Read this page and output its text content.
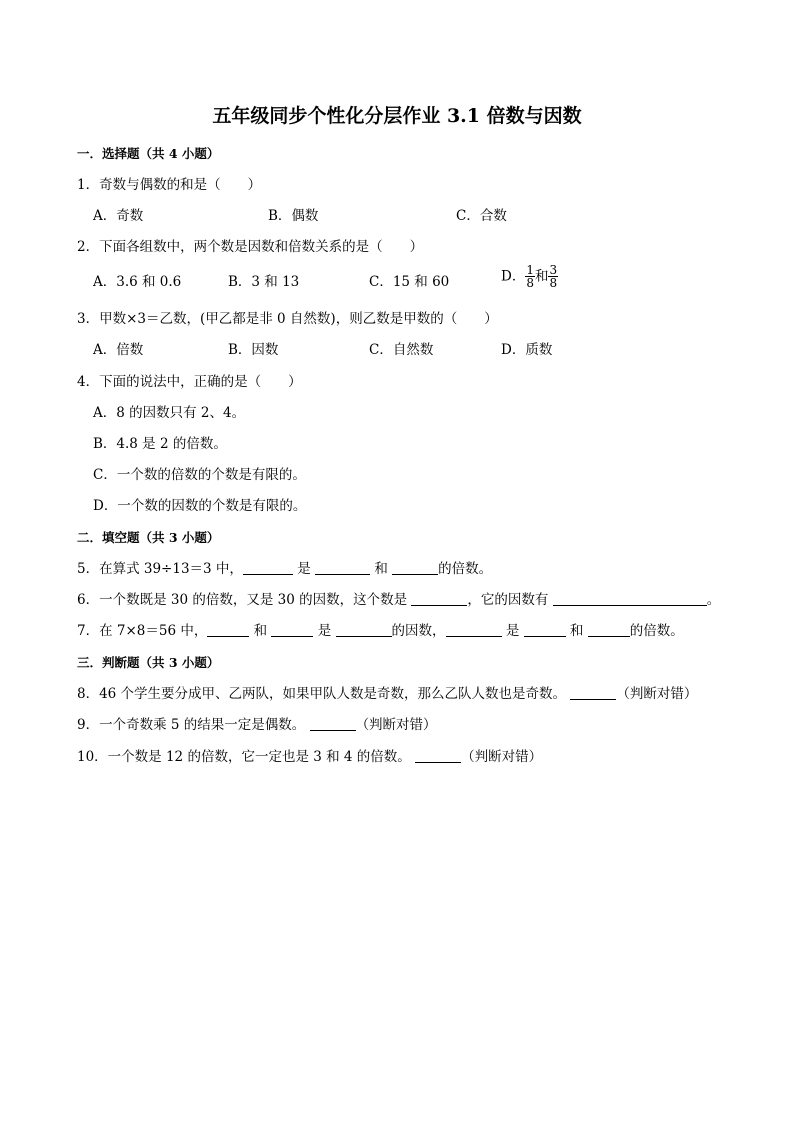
五年级同步个性化分层作业 3.1 倍数与因数
一．选择题（共 4 小题）
1．奇数与偶数的和是（　　）
A．奇数	B．偶数	C．合数
2．下面各组数中，两个数是因数和倍数关系的是（　　）
A．3.6 和 0.6	B．3 和 13	C．15 和 60	D． $\frac{1}{8}$ 和 $\frac{3}{8}$
3．甲数×3＝乙数，(甲乙都是非 0 自然数)，则乙数是甲数的（　　）
A．倍数	B．因数	C．自然数	D．质数
4．下面的说法中，正确的是（　　）
A．8 的因数只有 2、4。
B．4.8 是 2 的倍数。
C．一个数的倍数的个数是有限的。
D．一个数的因数的个数是有限的。
二．填空题（共 3 小题）
5．在算式 39÷13＝3 中，	是	和	的倍数。
6．一个数既是 30 的倍数，又是 30 的因数，这个数是	，它的因数有	。
7．在 7×8＝56 中，	和	是	的因数，	是	和	的倍数。
三．判断题（共 3 小题）
8．46 个学生要分成甲、乙两队，如果甲队人数是奇数，那么乙队人数也是奇数。	（判断对错）
9．一个奇数乘 5 的结果一定是偶数。	（判断对错）
10．一个数是 12 的倍数，它一定也是 3 和 4 的倍数。	（判断对错）
